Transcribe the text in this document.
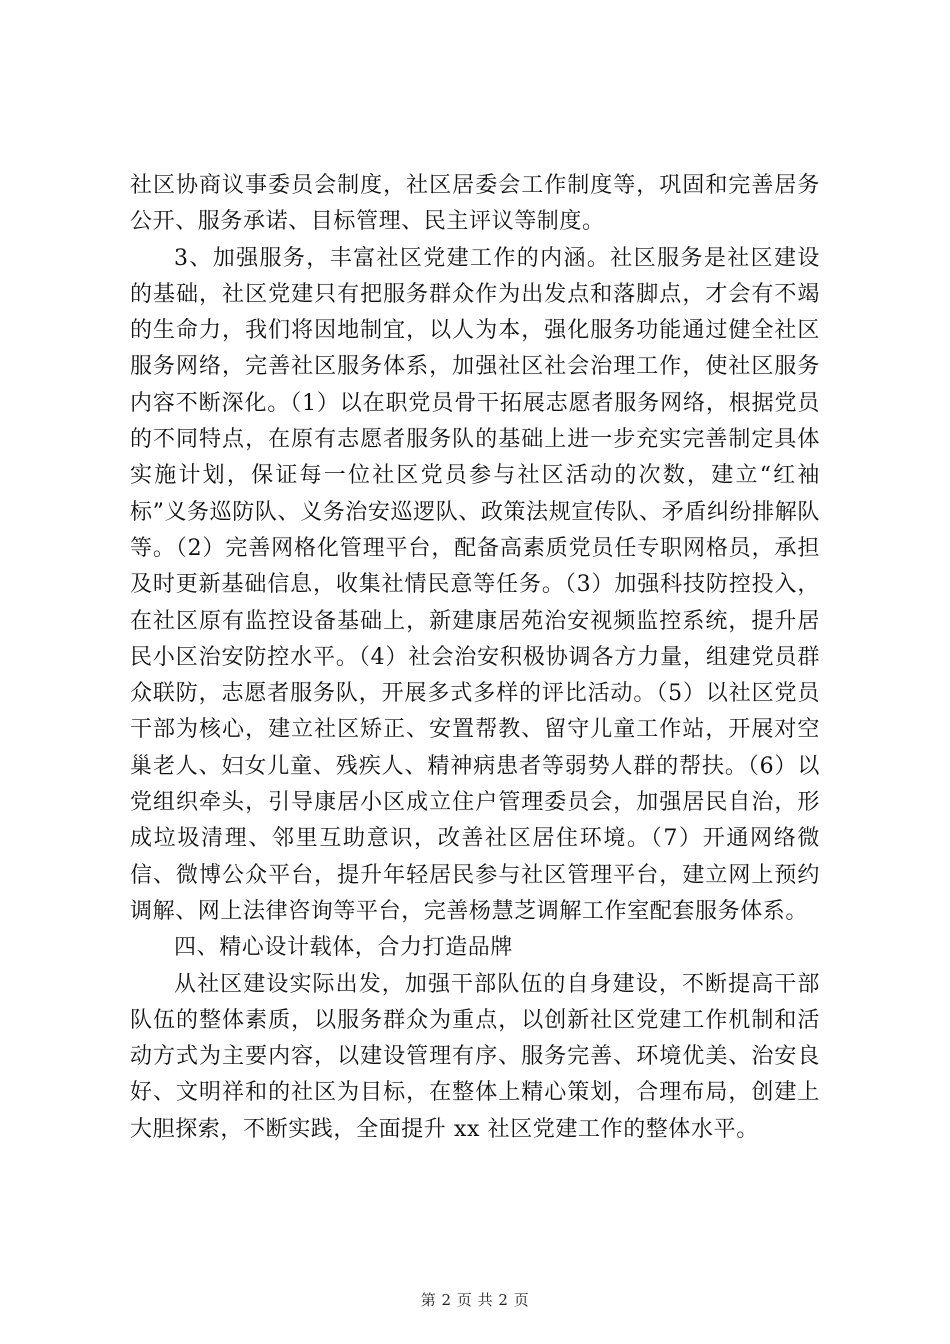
社区协商议事委员会制度，社区居委会工作制度等，巩固和完善居务公开、服务承诺、目标管理、民主评议等制度。

3、加强服务，丰富社区党建工作的内涵。社区服务是社区建设的基础，社区党建只有把服务群众作为出发点和落脚点，才会有不竭的生命力，我们将因地制宜，以人为本，强化服务功能通过健全社区服务网络，完善社区服务体系，加强社区社会治理工作，使社区服务内容不断深化。（1）以在职党员骨干拓展志愿者服务网络，根据党员的不同特点，在原有志愿者服务队的基础上进一步充实完善制定具体实施计划，保证每一位社区党员参与社区活动的次数，建立“红袖标”义务巡防队、义务治安巡逻队、政策法规宣传队、矛盾纠纷排解队等。（2）完善网格化管理平台，配备高素质党员任专职网格员，承担及时更新基础信息，收集社情民意等任务。（3）加强科技防控投入，在社区原有监控设备基础上，新建康居苑治安视频监控系统，提升居民小区治安防控水平。（4）社会治安积极协调各方力量，组建党员群众联防，志愿者服务队，开展多式多样的评比活动。（5）以社区党员干部为核心，建立社区矫正、安置帮教、留守儿童工作站，开展对空巢老人、妇女儿童、残疾人、精神病患者等弱势人群的帮扶。（6）以党组织牵头，引导康居小区成立住户管理委员会，加强居民自治，形成垃圾清理、邻里互助意识，改善社区居住环境。（7）开通网络微信、微博公众平台，提升年轻居民参与社区管理平台，建立网上预约调解、网上法律咨询等平台，完善杨慧芝调解工作室配套服务体系。

四、精心设计载体，合力打造品牌

从社区建设实际出发，加强干部队伍的自身建设，不断提高干部队伍的整体素质，以服务群众为重点，以创新社区党建工作机制和活动方式为主要内容，以建设管理有序、服务完善、环境优美、治安良好、文明祥和的社区为目标，在整体上精心策划，合理布局，创建上大胆探索，不断实践，全面提升 xx 社区党建工作的整体水平。

第 2 页 共 2 页
